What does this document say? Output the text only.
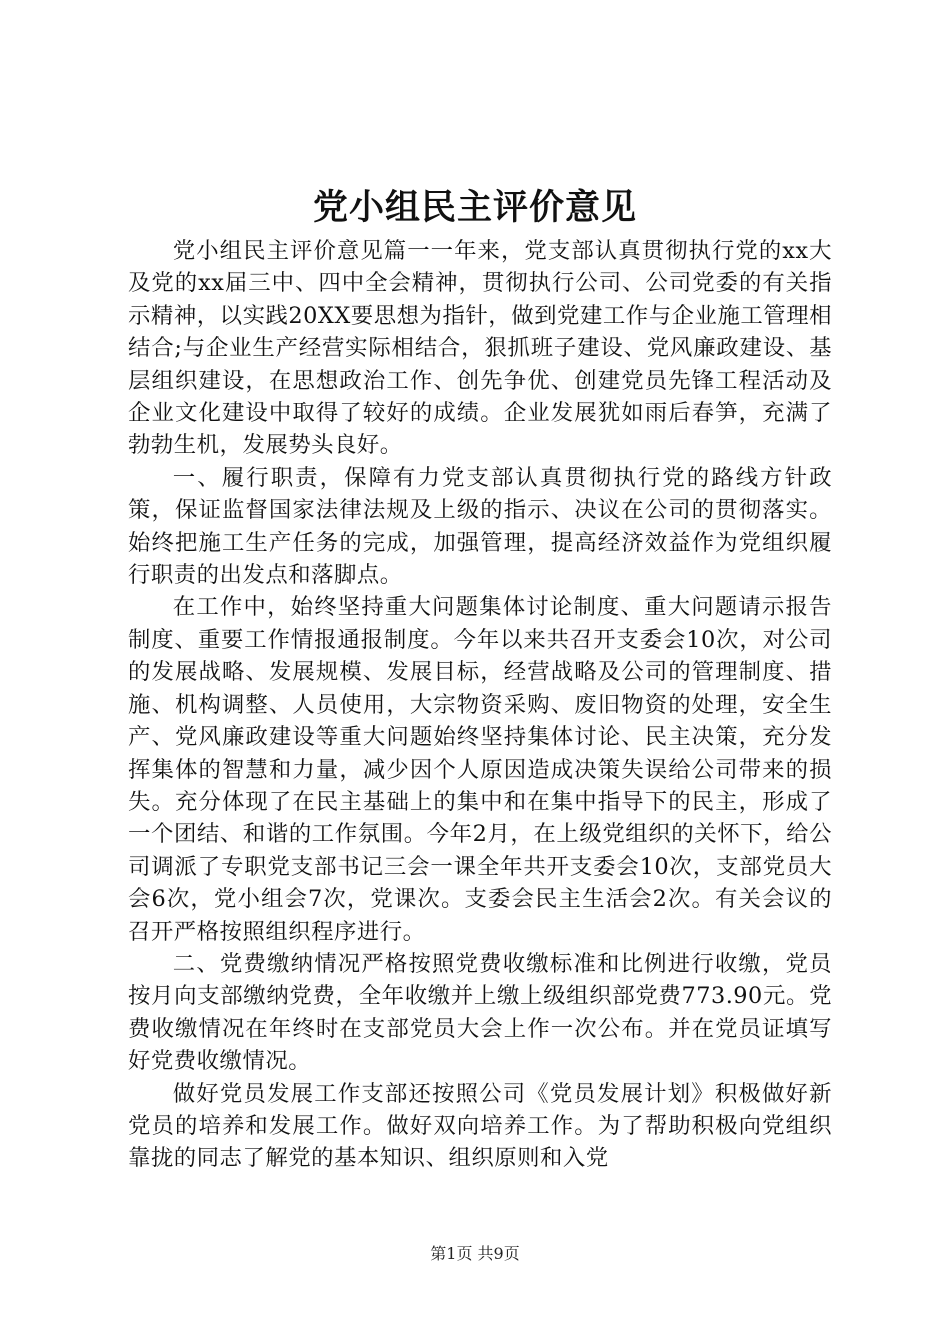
党小组民主评价意见

党小组民主评价意见篇一一年来，党支部认真贯彻执行党的xx大及党的xx届三中、四中全会精神，贯彻执行公司、公司党委的有关指示精神，以实践20XX要思想为指针，做到党建工作与企业施工管理相结合;与企业生产经营实际相结合，狠抓班子建设、党风廉政建设、基层组织建设，在思想政治工作、创先争优、创建党员先锋工程活动及企业文化建设中取得了较好的成绩。企业发展犹如雨后春笋，充满了勃勃生机，发展势头良好。

一、履行职责，保障有力党支部认真贯彻执行党的路线方针政策，保证监督国家法律法规及上级的指示、决议在公司的贯彻落实。始终把施工生产任务的完成，加强管理，提高经济效益作为党组织履行职责的出发点和落脚点。

在工作中，始终坚持重大问题集体讨论制度、重大问题请示报告制度、重要工作情报通报制度。今年以来共召开支委会10次，对公司的发展战略、发展规模、发展目标，经营战略及公司的管理制度、措施、机构调整、人员使用，大宗物资采购、废旧物资的处理，安全生产、党风廉政建设等重大问题始终坚持集体讨论、民主决策，充分发挥集体的智慧和力量，减少因个人原因造成决策失误给公司带来的损失。充分体现了在民主基础上的集中和在集中指导下的民主，形成了一个团结、和谐的工作氛围。今年2月，在上级党组织的关怀下，给公司调派了专职党支部书记三会一课全年共开支委会10次，支部党员大会6次，党小组会7次，党课次。支委会民主生活会2次。有关会议的召开严格按照组织程序进行。

二、党费缴纳情况严格按照党费收缴标准和比例进行收缴，党员按月向支部缴纳党费，全年收缴并上缴上级组织部党费773.90元。党费收缴情况在年终时在支部党员大会上作一次公布。并在党员证填写好党费收缴情况。

做好党员发展工作支部还按照公司《党员发展计划》积极做好新党员的培养和发展工作。做好双向培养工作。为了帮助积极向党组织靠拢的同志了解党的基本知识、组织原则和入党

第1页 共9页
